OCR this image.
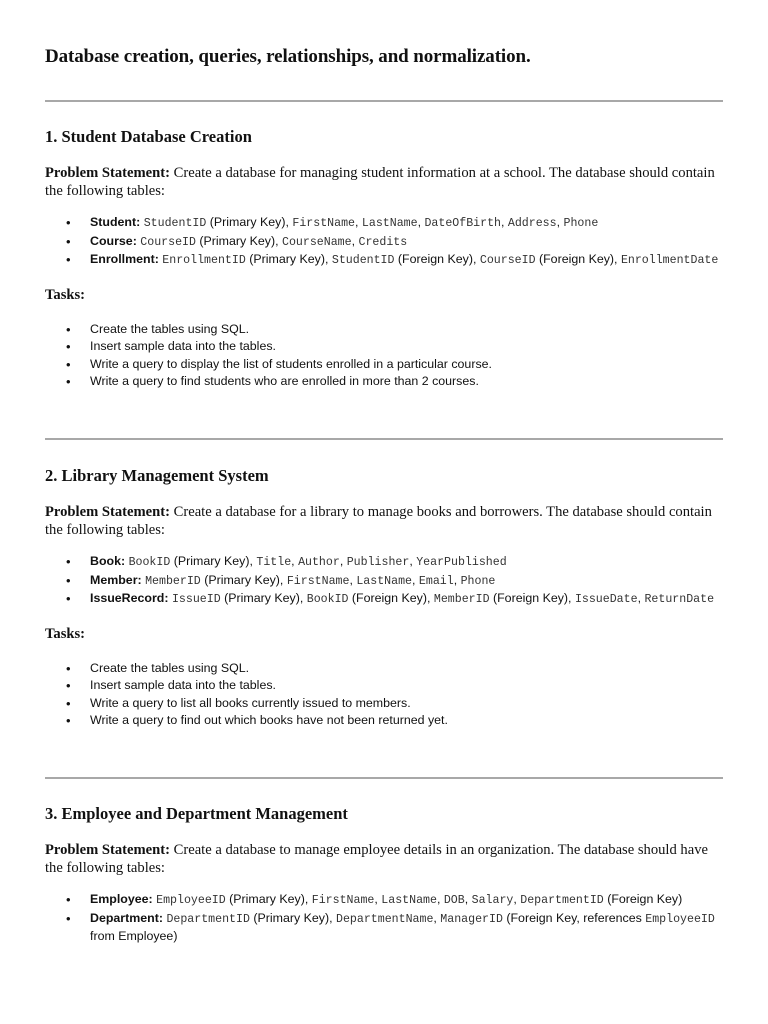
Database creation, queries, relationships, and normalization.
1. Student Database Creation

Problem Statement: Create a database for managing student information at a school. The database should contain the following tables:

• Student: StudentID (Primary Key), FirstName, LastName, DateOfBirth, Address, Phone
• Course: CourseID (Primary Key), CourseName, Credits
• Enrollment: EnrollmentID (Primary Key), StudentID (Foreign Key), CourseID (Foreign Key), EnrollmentDate
Tasks:
• Create the tables using SQL.
• Insert sample data into the tables.
• Write a query to display the list of students enrolled in a particular course.
• Write a query to find students who are enrolled in more than 2 courses.
2. Library Management System

Problem Statement: Create a database for a library to manage books and borrowers. The database should contain the following tables:

• Book: BookID (Primary Key), Title, Author, Publisher, YearPublished
• Member: MemberID (Primary Key), FirstName, LastName, Email, Phone
• IssueRecord: IssueID (Primary Key), BookID (Foreign Key), MemberID (Foreign Key), IssueDate, ReturnDate
Tasks:
• Create the tables using SQL.
• Insert sample data into the tables.
• Write a query to list all books currently issued to members.
• Write a query to find out which books have not been returned yet.
3. Employee and Department Management

Problem Statement: Create a database to manage employee details in an organization. The database should have the following tables:

• Employee: EmployeeID (Primary Key), FirstName, LastName, DOB, Salary, DepartmentID (Foreign Key)
• Department: DepartmentID (Primary Key), DepartmentName, ManagerID (Foreign Key, references EmployeeID from Employee)
